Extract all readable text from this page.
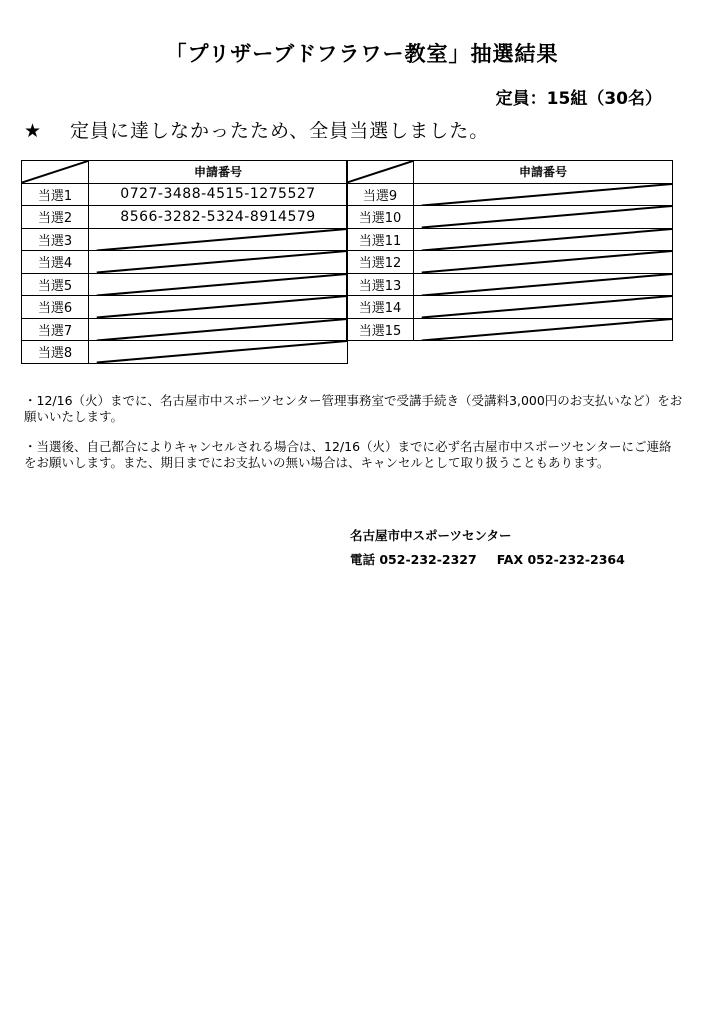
「プリザーブドフラワー教室」抽選結果
定員：15組（30名）
★ 定員に達しなかったため、全員当選しました。
	申請番号
当選1	0727-3488-4515-1275527
当選2	8566-3282-5324-8914579
当選3	

当選4	

当選5	

当選6	

当選7	

当選8	
	申請番号
当選9	

当選10	

当選11	

当選12	

当選13	

当選14	

当選15	

・12/16（火）までに、名古屋市中スポーツセンター管理事務室で受講手続き（受講料3,000円のお支払いなど）をお願いいたします。

・当選後、自己都合によりキャンセルされる場合は、12/16（火）までに必ず名古屋市中スポーツセンターにご連絡をお願いします。また、期日までにお支払いの無い場合は、キャンセルとして取り扱うこともあります。

名古屋市中スポーツセンター
電話 052-232-2327 FAX 052-232-2364
